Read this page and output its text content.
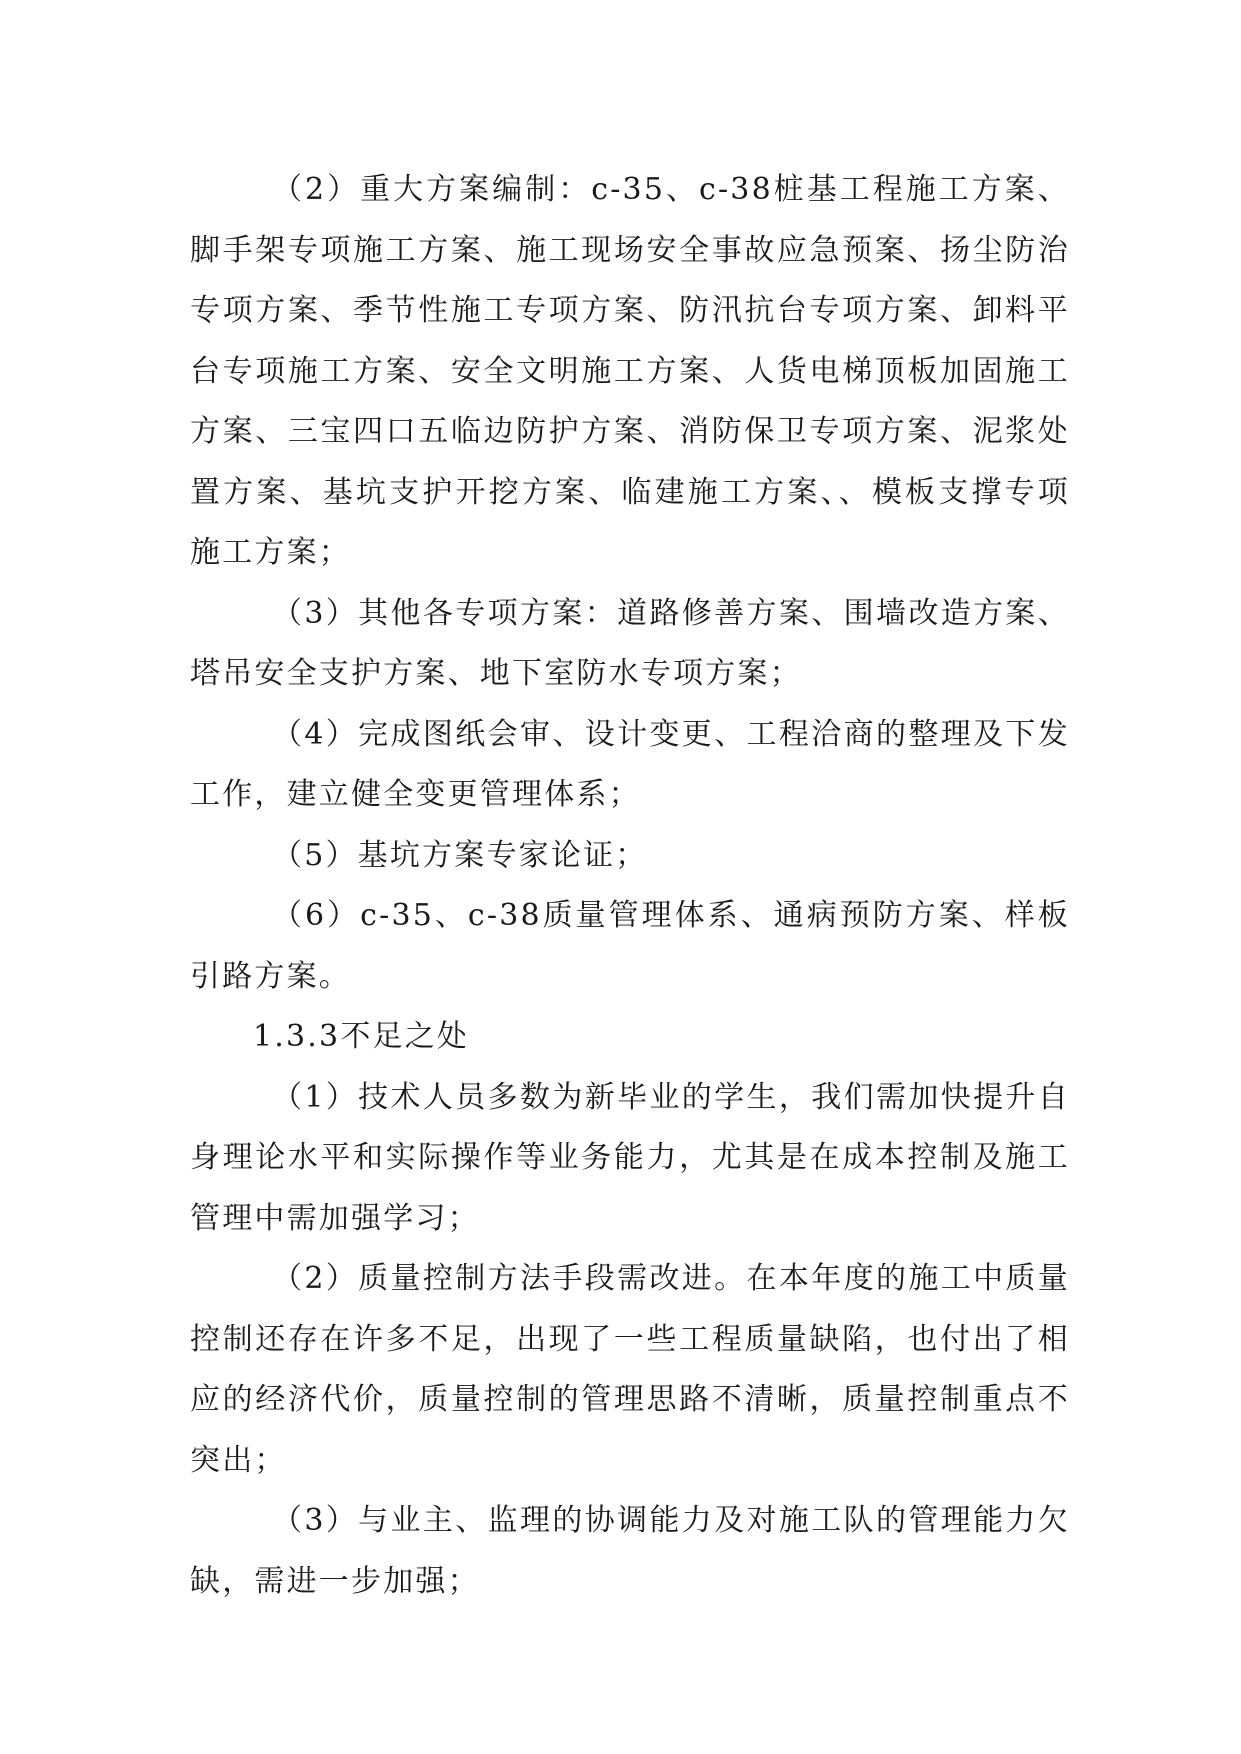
（2）重大方案编制：c-35、c-38桩基工程施工方案、脚手架专项施工方案、施工现场安全事故应急预案、扬尘防治专项方案、季节性施工专项方案、防汛抗台专项方案、卸料平台专项施工方案、安全文明施工方案、人货电梯顶板加固施工方案、三宝四口五临边防护方案、消防保卫专项方案、泥浆处置方案、基坑支护开挖方案、临建施工方案、、模板支撑专项施工方案；

（3）其他各专项方案：道路修善方案、围墙改造方案、塔吊安全支护方案、地下室防水专项方案；

（4）完成图纸会审、设计变更、工程洽商的整理及下发工作，建立健全变更管理体系；

（5）基坑方案专家论证；

（6）c-35、c-38质量管理体系、通病预防方案、样板引路方案。

1.3.3不足之处

（1）技术人员多数为新毕业的学生，我们需加快提升自身理论水平和实际操作等业务能力，尤其是在成本控制及施工管理中需加强学习；

（2）质量控制方法手段需改进。在本年度的施工中质量控制还存在许多不足，出现了一些工程质量缺陷，也付出了相应的经济代价，质量控制的管理思路不清晰，质量控制重点不突出；

（3）与业主、监理的协调能力及对施工队的管理能力欠缺，需进一步加强；
